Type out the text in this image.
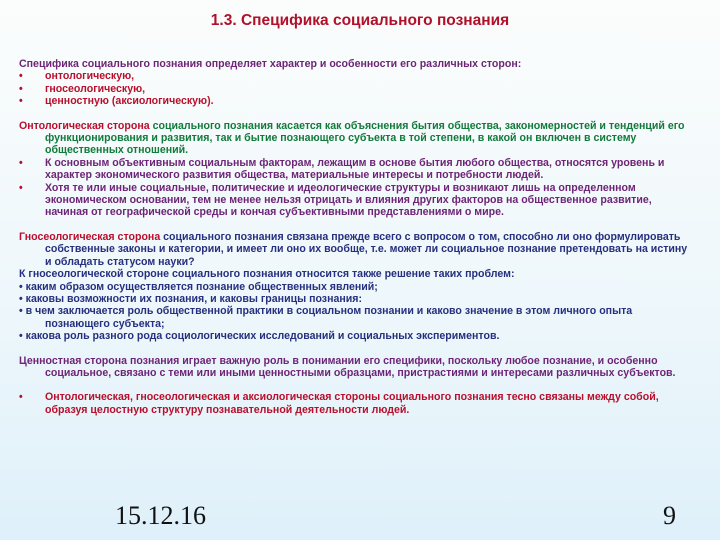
1.3. Специфика социального познания

Специфика социального познания определяет характер и особенности его различных сторон:

• онтологическую,
• гносеологическую,
• ценностную (аксиологическую).

Онтологическая сторона социального познания касается как объяснения бытия общества, закономерностей и тенденций его функционирования и развития, так и бытие познающего субъекта в той степени, в какой он включен в систему общественных отношений.

• К основным объективным социальным факторам, лежащим в основе бытия любого общества, относятся уровень и характер экономического развития общества, материальные интересы и потребности людей.
• Хотя те или иные социальные, политические и идеологические структуры и возникают лишь на определенном экономическом основании, тем не менее нельзя отрицать и влияния других факторов на общественное развитие, начиная от географической среды и кончая субъективными представлениями о мире.

Гносеологическая сторона социального познания связана прежде всего с вопросом о том, способно ли оно формулировать собственные законы и категории, и имеет ли оно их вообще, т.е. может ли социальное познание претендовать на истину и обладать статусом науки?

К гносеологической стороне социального познания относится также решение таких проблем:

• каким образом осуществляется познание общественных явлений;

• каковы возможности их познания, и каковы границы познания:

• в чем заключается роль общественной практики в социальном познании и каково значение в этом личного опыта познающего субъекта;

• какова роль разного рода социологических исследований и социальных экспериментов.

Ценностная сторона познания играет важную роль в понимании его специфики, поскольку любое познание, и особенно социальное, связано с теми или иными ценностными образцами, пристрастиями и интересами различных субъектов.

• Онтологическая, гносеологическая и аксиологическая стороны социального познания тесно связаны между собой, образуя целостную структуру познавательной деятельности людей.
15.12.16	9
